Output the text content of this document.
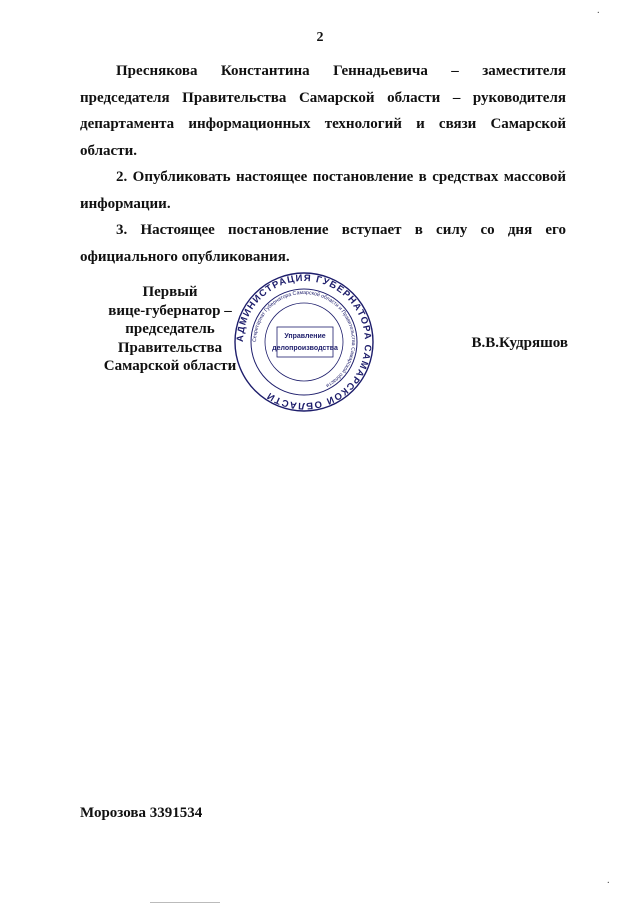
2

Преснякова Константина Геннадьевича – заместителя председателя Правительства Самарской области – руководителя департамента информационных технологий и связи Самарской области.

2. Опубликовать настоящее постановление в средствах массовой информации.

3. Настоящее постановление вступает в силу со дня его официального опубликования.

Первый
вице-губернатор –
председатель Правительства
Самарской области
АДМИНИСТРАЦИЯ ГУБЕРНАТОРА САМАРСКОЙ ОБЛАСТИ
Секретариат Губернатора Самарской области и Правительства Самарской области
Управление
делопроизводства	В.В.Кудряшов
Морозова 3391534
·
·
